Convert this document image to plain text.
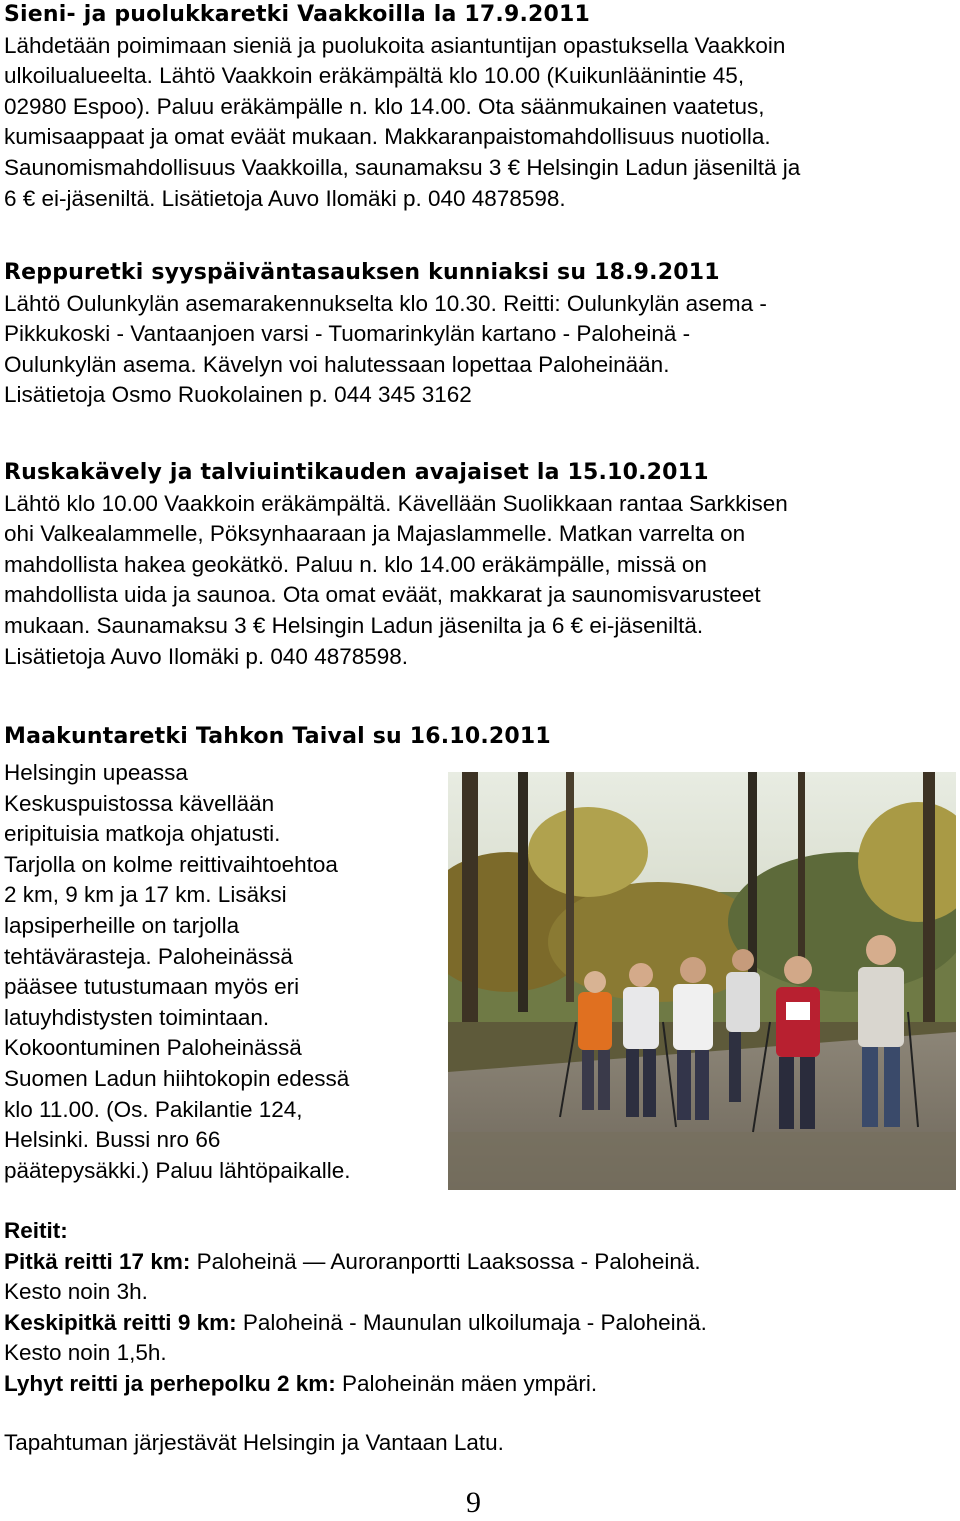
Sieni- ja puolukkaretki Vaakkoilla la 17.9.2011

Lähdetään poimimaan sieniä ja puolukoita asiantuntijan opastuksella Vaakkoin

ulkoilualueelta. Lähtö Vaakkoin eräkämpältä klo 10.00 (Kuikunläänintie 45,

02980 Espoo). Paluu eräkämpälle n. klo 14.00. Ota säänmukainen vaatetus,

kumisaappaat ja omat eväät mukaan. Makkaranpaistomahdollisuus nuotiolla.

Saunomismahdollisuus Vaakkoilla, saunamaksu 3 € Helsingin Ladun jäseniltä ja

6 € ei-jäseniltä. Lisätietoja Auvo Ilomäki p. 040 4878598.

Reppuretki syyspäiväntasauksen kunniaksi su 18.9.2011

Lähtö Oulunkylän asemarakennukselta klo 10.30. Reitti: Oulunkylän asema -

Pikkukoski - Vantaanjoen varsi - Tuomarinkylän kartano - Paloheinä -

Oulunkylän asema. Kävelyn voi halutessaan lopettaa Paloheinään.

Lisätietoja Osmo Ruokolainen p. 044 345 3162

Ruskakävely ja talviuintikauden avajaiset la 15.10.2011

Lähtö klo 10.00 Vaakkoin eräkämpältä. Kävellään Suolikkaan rantaa Sarkkisen

ohi Valkealammelle, Pöksynhaaraan ja Majaslammelle. Matkan varrelta on

mahdollista hakea geokätkö. Paluu n. klo 14.00 eräkämpälle, missä on

mahdollista uida ja saunoa. Ota omat eväät, makkarat ja saunomisvarusteet

mukaan. Saunamaksu 3 € Helsingin Ladun jäsenilta ja 6 € ei-jäseniltä.

Lisätietoja Auvo Ilomäki p. 040 4878598.

Maakuntaretki Tahkon Taival su 16.10.2011

Helsingin upeassa

Keskuspuistossa kävellään

eripituisia matkoja ohjatusti.

Tarjolla on kolme reittivaihtoehtoa

2 km, 9 km ja 17 km. Lisäksi

lapsiperheille on tarjolla

tehtävärasteja. Paloheinässä

pääsee tutustumaan myös eri

latuyhdistysten toimintaan.

Kokoontuminen Paloheinässä

Suomen Ladun hiihtokopin edessä

klo 11.00. (Os. Pakilantie 124,

Helsinki. Bussi nro 66

päätepysäkki.) Paluu lähtöpaikalle.

Reitit:

Pitkä reitti 17 km: Paloheinä — Auroranportti Laaksossa - Paloheinä.

Kesto noin 3h.

Keskipitkä reitti 9 km: Paloheinä - Maunulan ulkoilumaja - Paloheinä.

Kesto noin 1,5h.

Lyhyt reitti ja perhepolku 2 km: Paloheinän mäen ympäri.

Tapahtuman järjestävät Helsingin ja Vantaan Latu.

9
